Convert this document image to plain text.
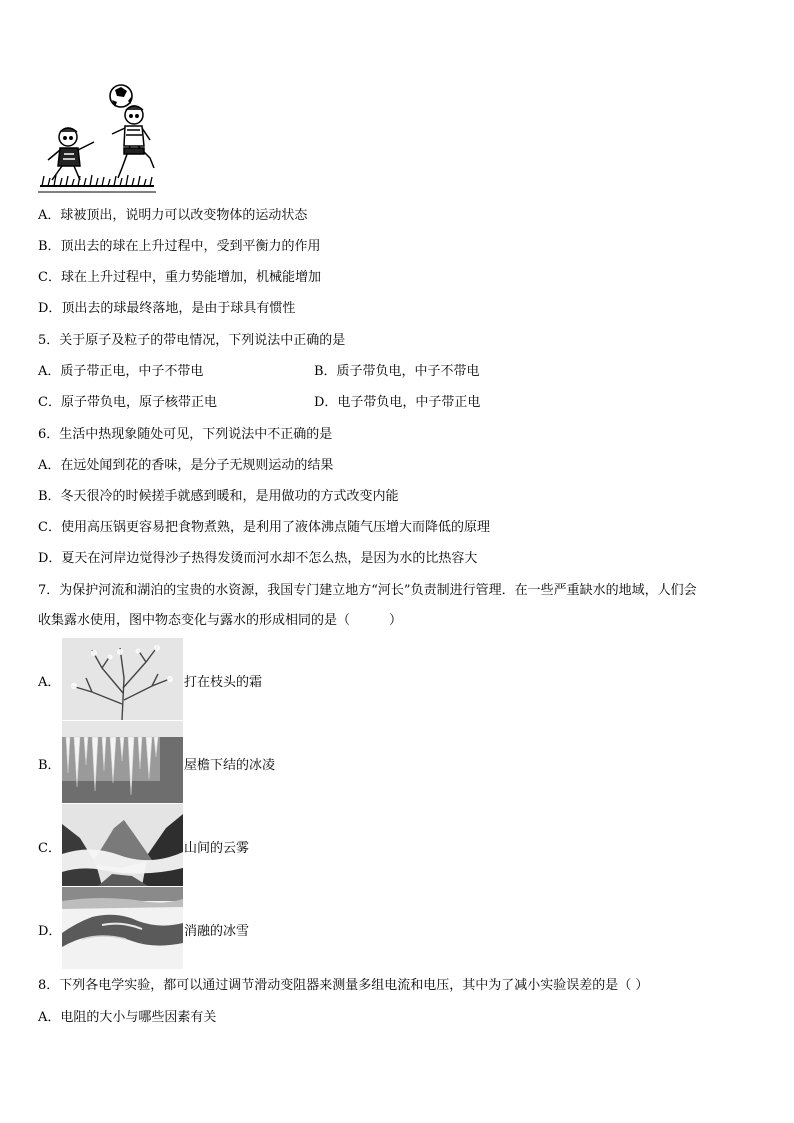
A．球被顶出，说明力可以改变物体的运动状态
B．顶出去的球在上升过程中，受到平衡力的作用
C．球在上升过程中，重力势能增加，机械能增加
D．顶出去的球最终落地，是由于球具有惯性
5．关于原子及粒子的带电情况，下列说法中正确的是
A．质子带正电，中子不带电	B．质子带负电，中子不带电
C．原子带负电，原子核带正电	D．电子带负电，中子带正电
6．生活中热现象随处可见，下列说法中不正确的是
A．在远处闻到花的香味，是分子无规则运动的结果
B．冬天很冷的时候搓手就感到暖和，是用做功的方式改变内能
C．使用高压锅更容易把食物煮熟，是利用了液体沸点随气压增大而降低的原理
D．夏天在河岸边觉得沙子热得发烫而河水却不怎么热，是因为水的比热容大
7．为保护河流和湖泊的宝贵的水资源，我国专门建立地方“河长”负责制进行管理．在一些严重缺水的地域，人们会
收集露水使用，图中物态变化与露水的形成相同的是（　　　）
A．	打在枝头的霜
B．	屋檐下结的冰凌
C．	山间的云雾
D．	消融的冰雪
8．下列各电学实验，都可以通过调节滑动变阻器来测量多组电流和电压，其中为了减小实验误差的是（ ）
A．电阻的大小与哪些因素有关
